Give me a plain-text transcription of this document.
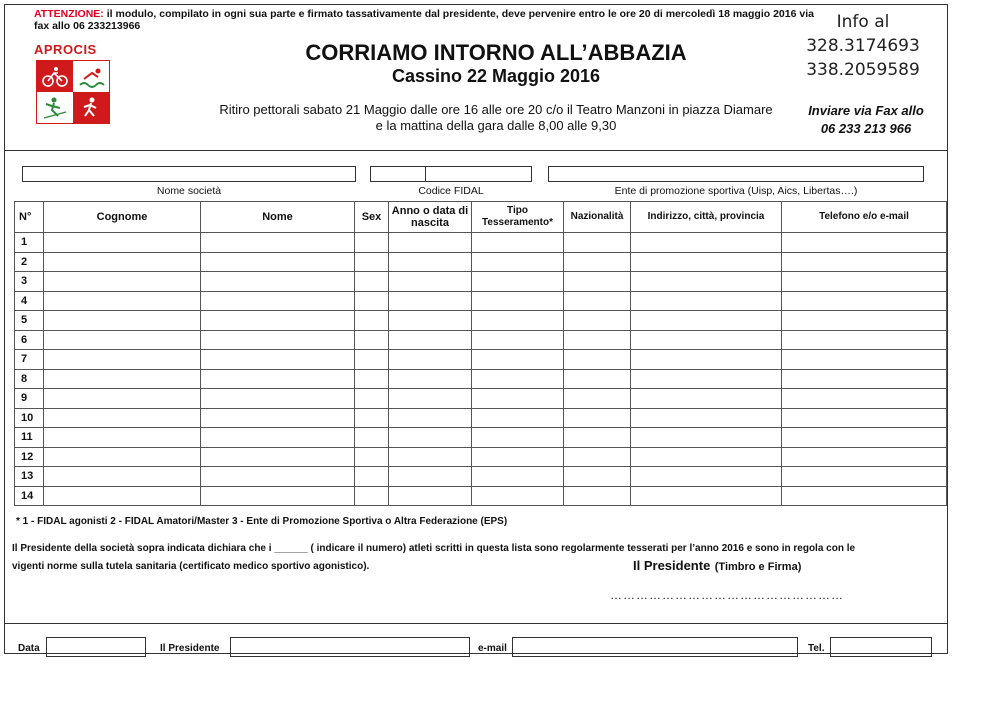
ATTENZIONE: il modulo, compilato in ogni sua parte e firmato tassativamente dal presidente, deve pervenire entro le ore 20 di mercoledì 18 maggio 2016 via fax allo 06 233213966
APROCIS	CORRIAMO INTORNO ALL’ABBAZIA
Cassino 22 Maggio 2016
Info al
328.3174693
338.2059589
Ritiro pettorali sabato 21 Maggio dalle ore 16 alle ore 20 c/o il Teatro Manzoni in piazza Diamare
e la mattina della gara dalle 8,00 alle 9,30
Inviare via Fax allo
06 233 213 966
Nome società	Codice FIDAL	Ente di promozione sportiva (Uisp, Aics, Libertas….)
N°	Cognome	Nome	Sex	Anno o data di nascita	Tipo Tesseramento*	Nazionalità	Indirizzo, città, provincia	Telefono e/o e-mail
1								
2								
3								
4								
5								
6								
7								
8								
9								
10								
11								
12								
13								
14								
* 1 - FIDAL agonisti 2 - FIDAL Amatori/Master 3 - Ente di Promozione Sportiva o Altra Federazione (EPS)
Il Presidente della società sopra indicata dichiara che i ______ ( indicare il numero) atleti scritti in questa lista sono regolarmente tesserati per l’anno 2016 e sono in regola con le
vigenti norme sulla tutela sanitaria (certificato medico sportivo agonistico).	Il Presidente (Timbro e Firma)
………………………………………………
Data	Il Presidente	e-mail	Tel.
